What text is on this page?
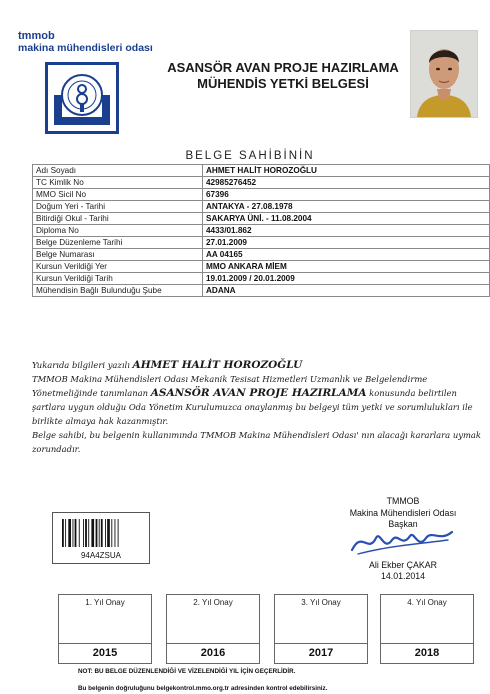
tmmob
makina mühendisleri odası
ASANSÖR AVAN PROJE HAZIRLAMA
MÜHENDİS YETKİ BELGESİ
BELGE SAHİBİNİN
Adı Soyadı	AHMET HALİT HOROZOĞLU
TC Kimlik No	42985276452
MMO Sicil No	67396
Doğum Yeri - Tarihi	ANTAKYA - 27.08.1978
Bitirdiği Okul - Tarihi	SAKARYA ÜNİ. - 11.08.2004
Diploma No	4433/01.862
Belge Düzenleme Tarihi	27.01.2009
Belge Numarası	AA 04165
Kursun Verildiği Yer	MMO ANKARA MİEM
Kursun Verildiği Tarih	19.01.2009 / 20.01.2009
Mühendisin Bağlı Bulunduğu Şube	ADANA

Yukarıda bilgileri yazılı AHMET HALİT HOROZOĞLU
TMMOB Makina Mühendisleri Odası Mekanik Tesisat Hizmetleri Uzmanlık ve Belgelendirme Yönetmeliğinde tanımlanan ASANSÖR AVAN PROJE HAZIRLAMA konusunda belirtilen şartlara uygun olduğu Oda Yönetim Kurulumuzca onaylanmış bu belgeyi tüm yetki ve sorumlulukları ile birlikte almaya hak kazanmıştır.

Belge sahibi, bu belgenin kullanımında TMMOB Makina Mühendisleri Odası' nın alacağı kararlara uymak zorundadır.

94A4ZSUA
TMMOB
Makina Mühendisleri Odası
Başkan
Ali Ekber ÇAKAR
14.01.2014
1. Yıl Onay
2015
2. Yıl Onay
2016
3. Yıl Onay
2017
4. Yıl Onay
2018
NOT: BU BELGE DÜZENLENDİĞİ VE VİZELENDİĞİ YIL İÇİN GEÇERLİDİR.
Bu belgenin doğruluğunu belgekontrol.mmo.org.tr adresinden kontrol edebilirsiniz.
